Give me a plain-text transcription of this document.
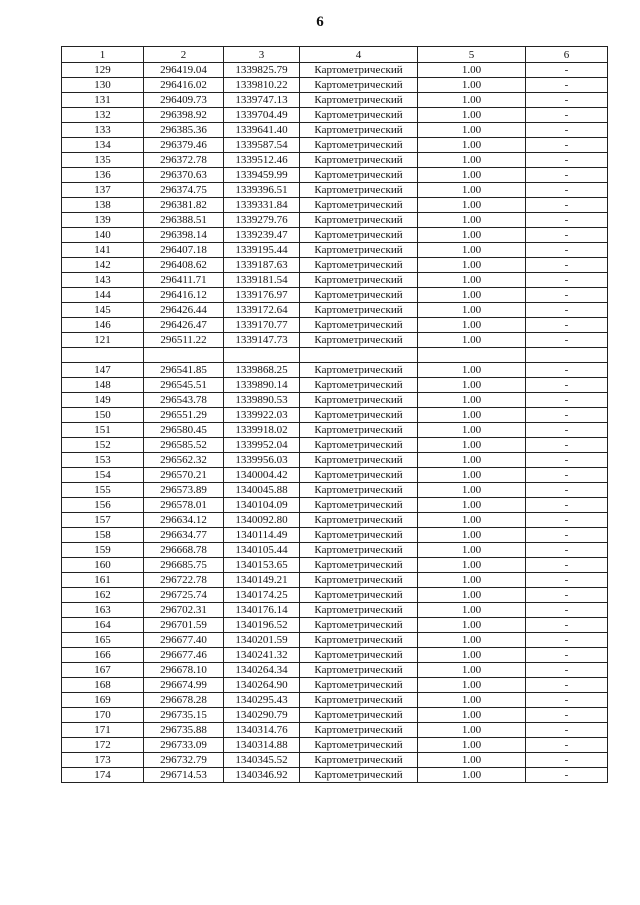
6
1	2	3	4	5	6
129	296419.04	1339825.79	Картометрический	1.00	-
130	296416.02	1339810.22	Картометрический	1.00	-
131	296409.73	1339747.13	Картометрический	1.00	-
132	296398.92	1339704.49	Картометрический	1.00	-
133	296385.36	1339641.40	Картометрический	1.00	-
134	296379.46	1339587.54	Картометрический	1.00	-
135	296372.78	1339512.46	Картометрический	1.00	-
136	296370.63	1339459.99	Картометрический	1.00	-
137	296374.75	1339396.51	Картометрический	1.00	-
138	296381.82	1339331.84	Картометрический	1.00	-
139	296388.51	1339279.76	Картометрический	1.00	-
140	296398.14	1339239.47	Картометрический	1.00	-
141	296407.18	1339195.44	Картометрический	1.00	-
142	296408.62	1339187.63	Картометрический	1.00	-
143	296411.71	1339181.54	Картометрический	1.00	-
144	296416.12	1339176.97	Картометрический	1.00	-
145	296426.44	1339172.64	Картометрический	1.00	-
146	296426.47	1339170.77	Картометрический	1.00	-
121	296511.22	1339147.73	Картометрический	1.00	-

147	296541.85	1339868.25	Картометрический	1.00	-
148	296545.51	1339890.14	Картометрический	1.00	-
149	296543.78	1339890.53	Картометрический	1.00	-
150	296551.29	1339922.03	Картометрический	1.00	-
151	296580.45	1339918.02	Картометрический	1.00	-
152	296585.52	1339952.04	Картометрический	1.00	-
153	296562.32	1339956.03	Картометрический	1.00	-
154	296570.21	1340004.42	Картометрический	1.00	-
155	296573.89	1340045.88	Картометрический	1.00	-
156	296578.01	1340104.09	Картометрический	1.00	-
157	296634.12	1340092.80	Картометрический	1.00	-
158	296634.77	1340114.49	Картометрический	1.00	-
159	296668.78	1340105.44	Картометрический	1.00	-
160	296685.75	1340153.65	Картометрический	1.00	-
161	296722.78	1340149.21	Картометрический	1.00	-
162	296725.74	1340174.25	Картометрический	1.00	-
163	296702.31	1340176.14	Картометрический	1.00	-
164	296701.59	1340196.52	Картометрический	1.00	-
165	296677.40	1340201.59	Картометрический	1.00	-
166	296677.46	1340241.32	Картометрический	1.00	-
167	296678.10	1340264.34	Картометрический	1.00	-
168	296674.99	1340264.90	Картометрический	1.00	-
169	296678.28	1340295.43	Картометрический	1.00	-
170	296735.15	1340290.79	Картометрический	1.00	-
171	296735.88	1340314.76	Картометрический	1.00	-
172	296733.09	1340314.88	Картометрический	1.00	-
173	296732.79	1340345.52	Картометрический	1.00	-
174	296714.53	1340346.92	Картометрический	1.00	-
